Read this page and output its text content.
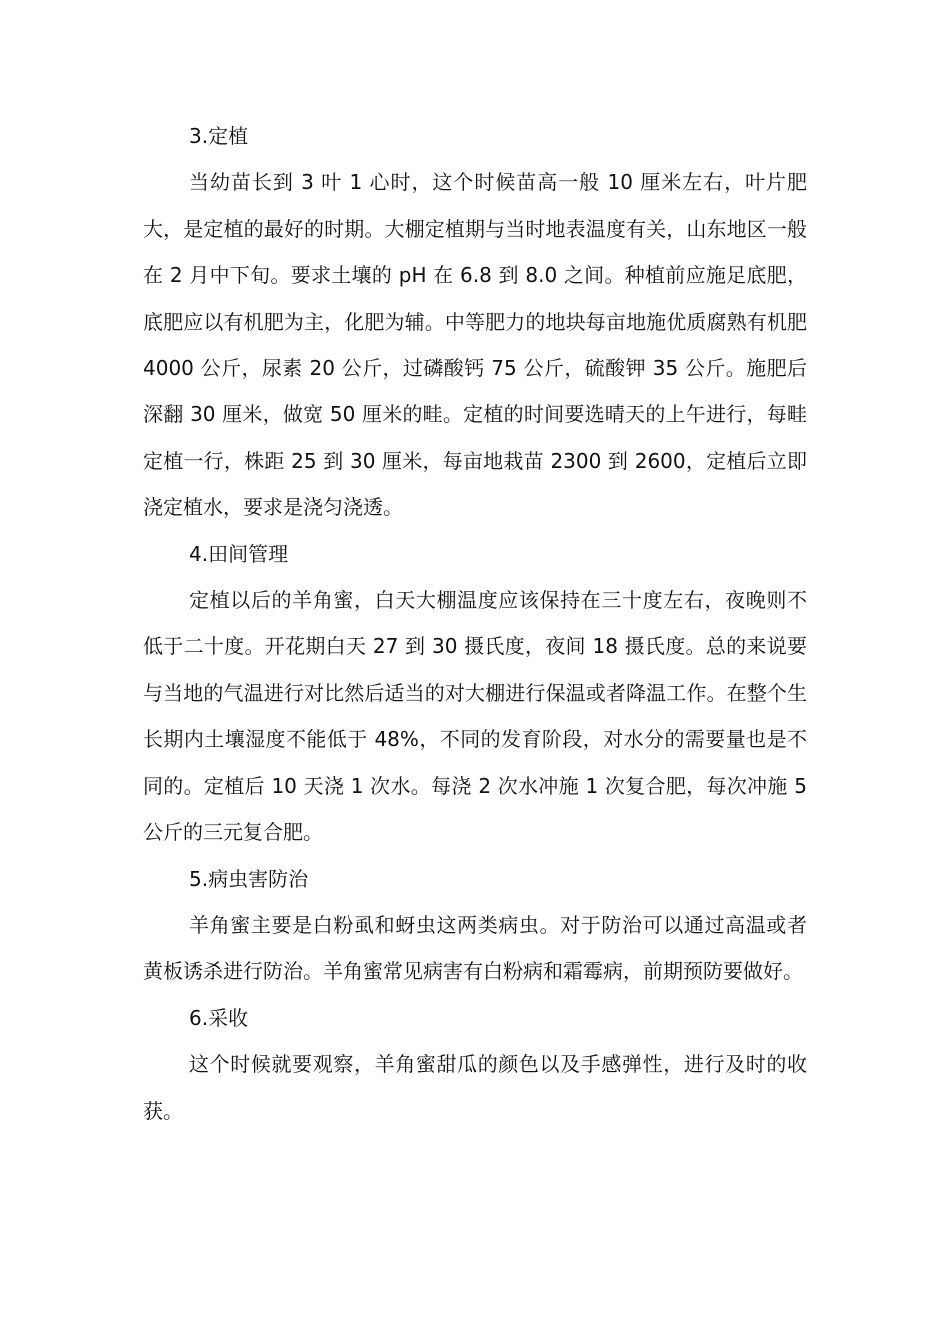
3.定植

当幼苗长到 3 叶 1 心时，这个时候苗高一般 10 厘米左右，叶片肥大，是定植的最好的时期。大棚定植期与当时地表温度有关，山东地区一般在 2 月中下旬。要求土壤的 pH 在 6.8 到 8.0 之间。种植前应施足底肥，底肥应以有机肥为主，化肥为辅。中等肥力的地块每亩地施优质腐熟有机肥 4000 公斤，尿素 20 公斤，过磷酸钙 75 公斤，硫酸钾 35 公斤。施肥后深翻 30 厘米，做宽 50 厘米的畦。定植的时间要选晴天的上午进行，每畦定植一行，株距 25 到 30 厘米，每亩地栽苗 2300 到 2600，定植后立即浇定植水，要求是浇匀浇透。

4.田间管理

定植以后的羊角蜜，白天大棚温度应该保持在三十度左右，夜晚则不低于二十度。开花期白天 27 到 30 摄氏度，夜间 18 摄氏度。总的来说要与当地的气温进行对比然后适当的对大棚进行保温或者降温工作。在整个生长期内土壤湿度不能低于 48%，不同的发育阶段，对水分的需要量也是不同的。定植后 10 天浇 1 次水。每浇 2 次水冲施 1 次复合肥，每次冲施 5 公斤的三元复合肥。

5.病虫害防治

羊角蜜主要是白粉虱和蚜虫这两类病虫。对于防治可以通过高温或者黄板诱杀进行防治。羊角蜜常见病害有白粉病和霜霉病，前期预防要做好。

6.采收

这个时候就要观察，羊角蜜甜瓜的颜色以及手感弹性，进行及时的收获。
